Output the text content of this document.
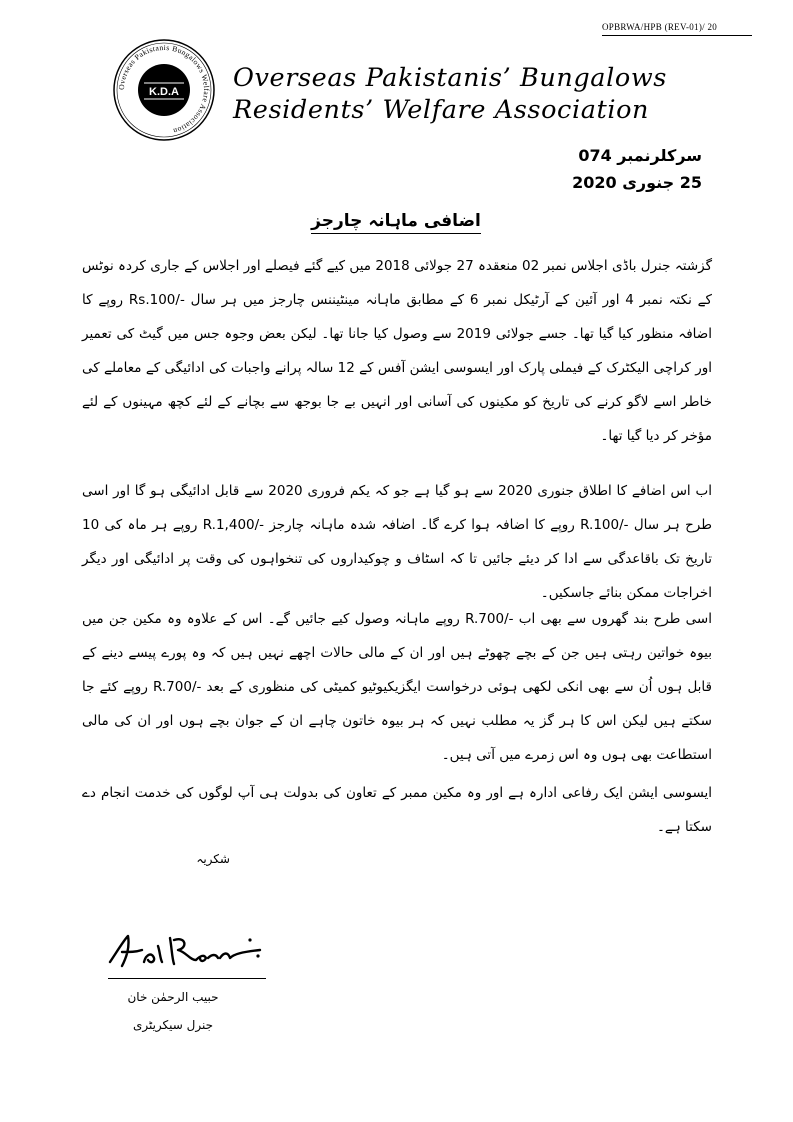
OPBRWA/HPB (REV-01)/ 20
Overseas Pakistanis Bungalows Welfare Association
K.D.A Overseas Pakistanis’ Bungalows
Residents’ Welfare Association
سرکلرنمبر 074
25 جنوری 2020
اضافی ماہانہ چارجز
گزشتہ جنرل باڈی اجلاس نمبر 02 منعقدہ 27 جولائی 2018 میں کیے گئے فیصلے اور اجلاس کے جاری کردہ نوٹس کے نکتہ نمبر 4 اور آئین کے آرٹیکل نمبر 6 کے مطابق ماہانہ مینٹیننس چارجز میں ہر سال -/Rs.100 روپے کا اضافہ منظور کیا گیا تھا۔ جسے جولائی 2019 سے وصول کیا جانا تھا۔ لیکن بعض وجوہ جس میں گیٹ کی تعمیر اور کراچی الیکٹرک کے فیملی پارک اور ایسوسی ایشن آفس کے 12 سالہ پرانے واجبات کی ادائیگی کے معاملے کی خاطر اسے لاگو کرنے کی تاریخ کو مکینوں کی آسانی اور انہیں بے جا بوجھ سے بچانے کے لئے کچھ مہینوں کے لئے مؤخر کر دیا گیا تھا۔
اب اس اضافے کا اطلاق جنوری 2020 سے ہو گیا ہے جو کہ یکم فروری 2020 سے قابل ادائیگی ہو گا اور اسی طرح ہر سال -/R.100 روپے کا اضافہ ہوا کرے گا۔ اضافہ شدہ ماہانہ چارجز -/R.1,400 روپے ہر ماہ کی 10 تاریخ تک باقاعدگی سے ادا کر دیئے جائیں تا کہ اسٹاف و چوکیداروں کی تنخواہوں کی وقت پر ادائیگی اور دیگر اخراجات ممکن بنائے جاسکیں۔
اسی طرح بند گھروں سے بھی اب -/R.700 روپے ماہانہ وصول کیے جائیں گے۔ اس کے علاوہ وہ مکین جن میں بیوہ خواتین رہتی ہیں جن کے بچے چھوٹے ہیں اور ان کے مالی حالات اچھے نہیں ہیں کہ وہ پورے پیسے دینے کے قابل ہوں اُن سے بھی انکی لکھی ہوئی درخواست ایگزیکیوٹیو کمیٹی کی منظوری کے بعد -/R.700 روپے کئے جا سکتے ہیں لیکن اس کا ہر گز یہ مطلب نہیں کہ ہر بیوہ خاتون چاہے ان کے جوان بچے ہوں اور ان کی مالی استطاعت بھی ہوں وہ اس زمرے میں آتی ہیں۔
ایسوسی ایشن ایک رفاعی ادارہ ہے اور وہ مکین ممبر کے تعاون کی بدولت ہی آپ لوگوں کی خدمت انجام دے سکتا ہے۔
شکریہ
حبیب الرحمٰن خان
جنرل سیکریٹری
